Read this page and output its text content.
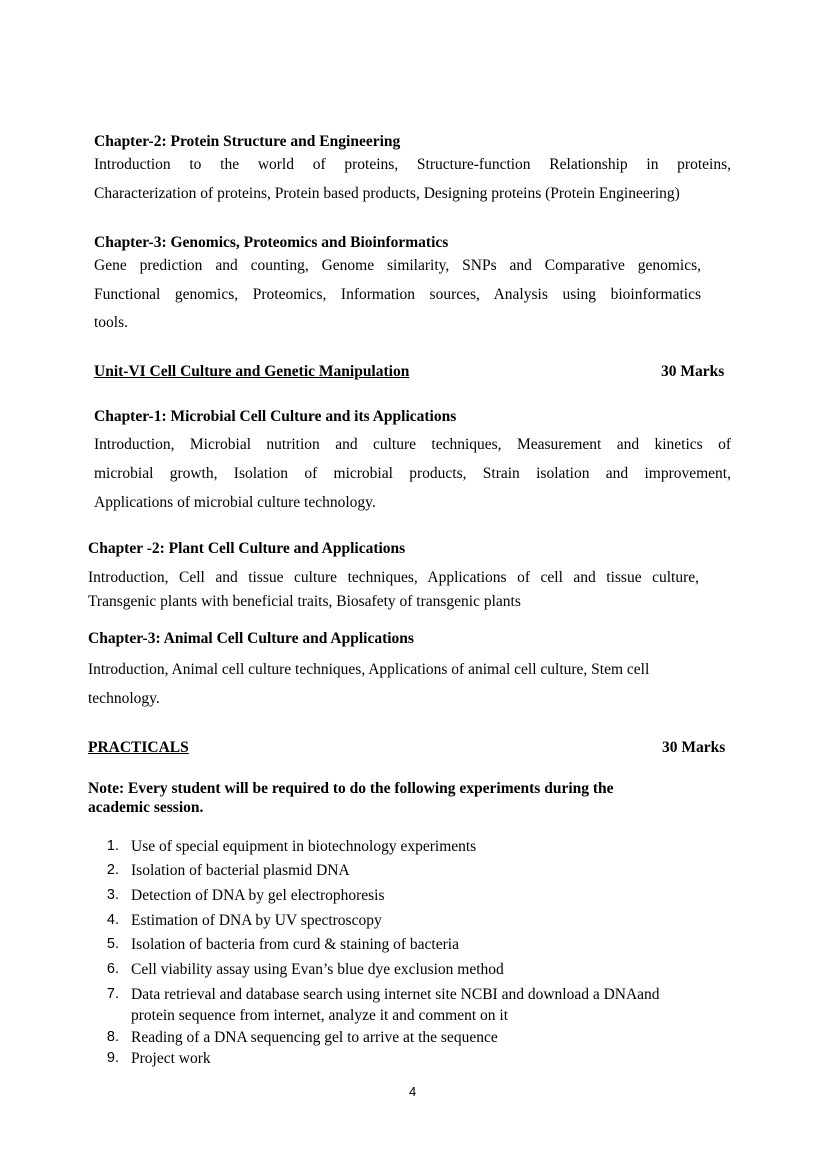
Chapter-2: Protein Structure and Engineering
Introduction to the world of proteins, Structure-function Relationship in proteins,
Characterization of proteins, Protein based products, Designing proteins (Protein Engineering)
Chapter-3: Genomics, Proteomics and Bioinformatics
Gene prediction and counting, Genome similarity, SNPs and Comparative genomics,
Functional genomics, Proteomics, Information sources, Analysis using bioinformatics
tools.
Unit-VI Cell Culture and Genetic Manipulation	30 Marks
Chapter-1: Microbial Cell Culture and its Applications
Introduction, Microbial nutrition and culture techniques, Measurement and kinetics of
microbial growth, Isolation of microbial products, Strain isolation and improvement,
Applications of microbial culture technology.
Chapter -2: Plant Cell Culture and Applications
Introduction, Cell and tissue culture techniques, Applications of cell and tissue culture,
Transgenic plants with beneficial traits, Biosafety of transgenic plants
Chapter-3: Animal Cell Culture and Applications
Introduction, Animal cell culture techniques, Applications of animal cell culture, Stem cell
technology.
PRACTICALS	30 Marks
Note: Every student will be required to do the following experiments during the
academic session.
1. Use of special equipment in biotechnology experiments
2. Isolation of bacterial plasmid DNA
3. Detection of DNA by gel electrophoresis
4. Estimation of DNA by UV spectroscopy
5. Isolation of bacteria from curd & staining of bacteria
6. Cell viability assay using Evan’s blue dye exclusion method
7. Data retrieval and database search using internet site NCBI and download a DNAand
protein sequence from internet, analyze it and comment on it
8. Reading of a DNA sequencing gel to arrive at the sequence
9. Project work
4
